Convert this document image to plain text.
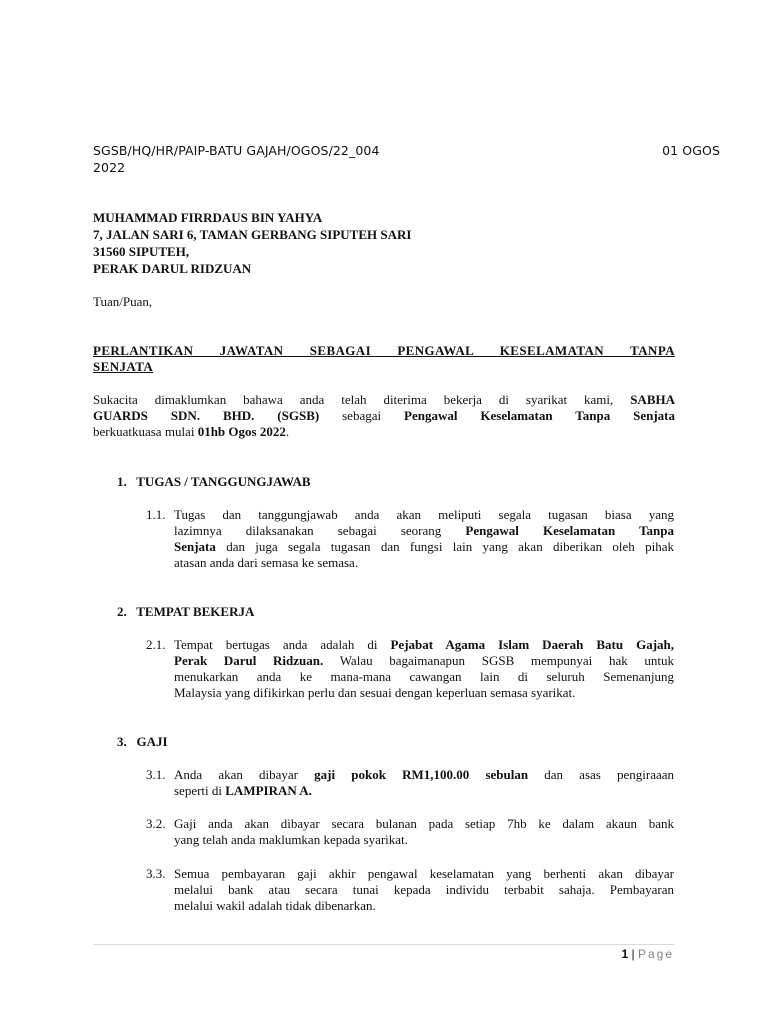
SGSB/HQ/HR/PAIP-BATU GAJAH/OGOS/22_004	01 OGOS
2022
MUHAMMAD FIRRDAUS BIN YAHYA
7, JALAN SARI 6, TAMAN GERBANG SIPUTEH SARI
31560 SIPUTEH,
PERAK DARUL RIDZUAN
Tuan/Puan,
PERLANTIKAN JAWATAN SEBAGAI PENGAWAL KESELAMATAN TANPA
SENJATA
Sukacita dimaklumkan bahawa anda telah diterima bekerja di syarikat kami, SABHA
GUARDS SDN. BHD. (SGSB) sebagai Pengawal Keselamatan Tanpa Senjata
berkuatkuasa mulai 01hb Ogos 2022.
1.   TUGAS / TANGGUNGJAWAB
1.1. Tugas dan tanggungjawab anda akan meliputi segala tugasan biasa yang
lazimnya dilaksanakan sebagai seorang Pengawal Keselamatan Tanpa
Senjata dan juga segala tugasan dan fungsi lain yang akan diberikan oleh pihak
atasan anda dari semasa ke semasa.
2.   TEMPAT BEKERJA
2.1. Tempat bertugas anda adalah di Pejabat Agama Islam Daerah Batu Gajah,
Perak Darul Ridzuan. Walau bagaimanapun SGSB mempunyai hak untuk
menukarkan anda ke mana-mana cawangan lain di seluruh Semenanjung
Malaysia yang difikirkan perlu dan sesuai dengan keperluan semasa syarikat.
3.   GAJI
3.1. Anda akan dibayar gaji pokok RM1,100.00 sebulan dan asas pengiraaan
seperti di LAMPIRAN A.
3.2. Gaji anda akan dibayar secara bulanan pada setiap 7hb ke dalam akaun bank
yang telah anda maklumkan kepada syarikat.
3.3. Semua pembayaran gaji akhir pengawal keselamatan yang berhenti akan dibayar
melalui bank atau secara tunai kepada individu terbabit sahaja. Pembayaran
melalui wakil adalah tidak dibenarkan.
1 | Page
